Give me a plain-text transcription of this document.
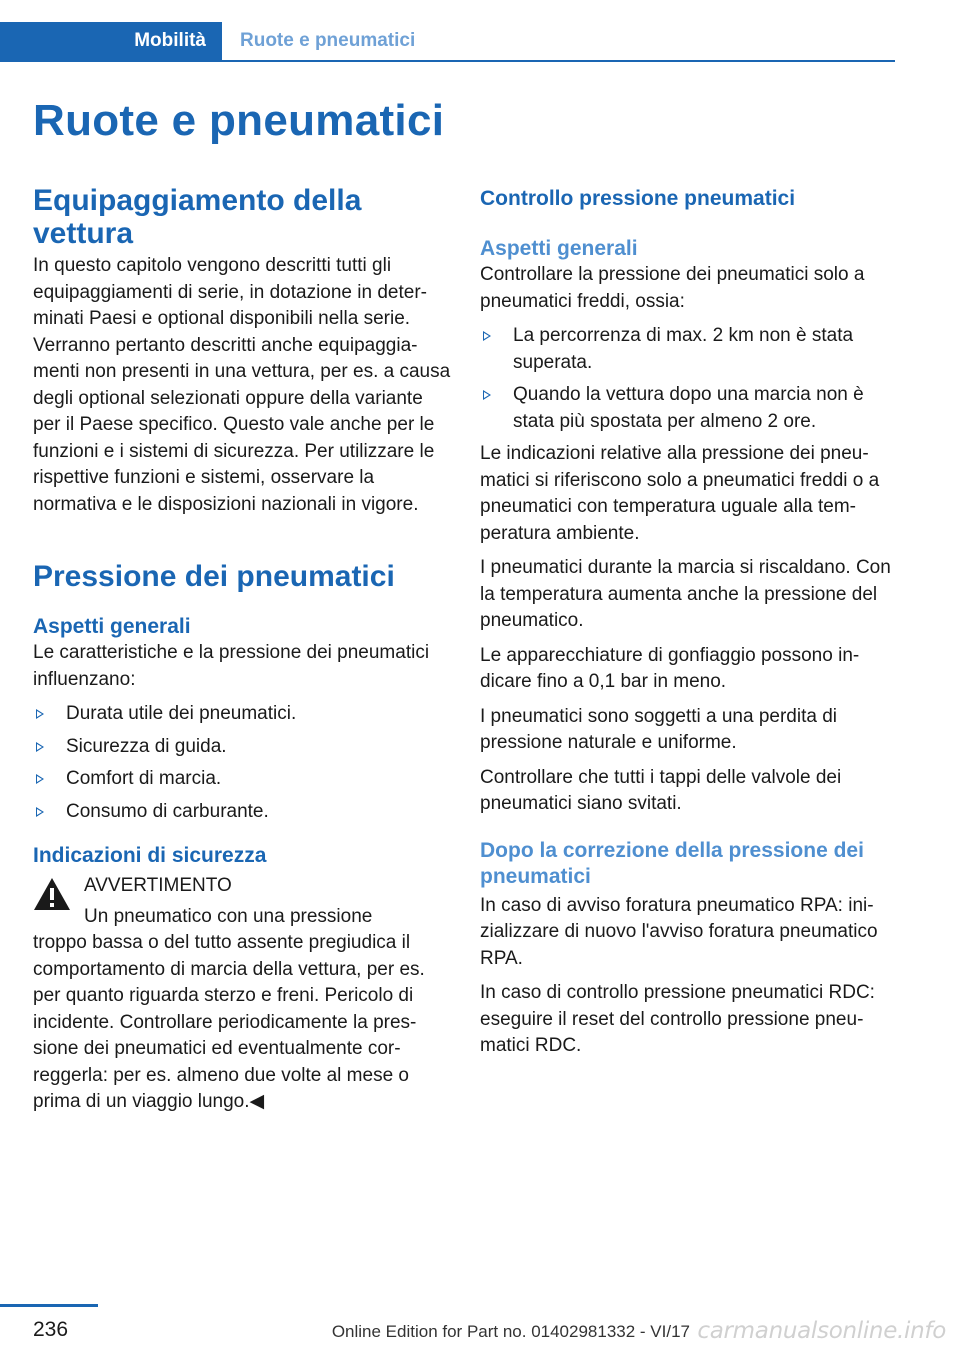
Mobilità	Ruote e pneumatici
Ruote e pneumatici
Equipaggiamento della vettura

In questo capitolo vengono descritti tutti gli equipaggiamenti di serie, in dotazione in determinati Paesi e optional disponibili nella serie. Verranno pertanto descritti anche equipaggiamenti non presenti in una vettura, per es. a causa degli optional selezionati oppure della variante per il Paese specifico. Questo vale anche per le funzioni e i sistemi di sicurezza. Per utilizzare le rispettive funzioni e sistemi, osservare la normativa e le disposizioni nazionali in vigore.

Pressione dei pneumatici
Aspetti generali

Le caratteristiche e la pressione dei pneumatici influenzano:

Durata utile dei pneumatici.
Sicurezza di guida.
Comfort di marcia.
Consumo di carburante.
Indicazioni di sicurezza

AVVERTIMENTO

Un pneumatico con una pressione

troppo bassa o del tutto assente pregiudica il comportamento di marcia della vettura, per es. per quanto riguarda sterzo e freni. Pericolo di incidente. Controllare periodicamente la pressione dei pneumatici ed eventualmente correggerla: per es. almeno due volte al mese o prima di un viaggio lungo.◀

Controllo pressione pneumatici
Aspetti generali

Controllare la pressione dei pneumatici solo a pneumatici freddi, ossia:

La percorrenza di max. 2 km non è stata superata.
Quando la vettura dopo una marcia non è stata più spostata per almeno 2 ore.

Le indicazioni relative alla pressione dei pneumatici si riferiscono solo a pneumatici freddi o a pneumatici con temperatura uguale alla temperatura ambiente.

I pneumatici durante la marcia si riscaldano. Con la temperatura aumenta anche la pressione del pneumatico.

Le apparecchiature di gonfiaggio possono indicare fino a 0,1 bar in meno.

I pneumatici sono soggetti a una perdita di pressione naturale e uniforme.

Controllare che tutti i tappi delle valvole dei pneumatici siano svitati.

Dopo la correzione della pressione dei pneumatici

In caso di avviso foratura pneumatico RPA: inizializzare di nuovo l'avviso foratura pneumatico RPA.

In caso di controllo pressione pneumatici RDC: eseguire il reset del controllo pressione pneumatici RDC.

236	Online Edition for Part no. 01402981332 - VI/17 carmanualsonline.info
